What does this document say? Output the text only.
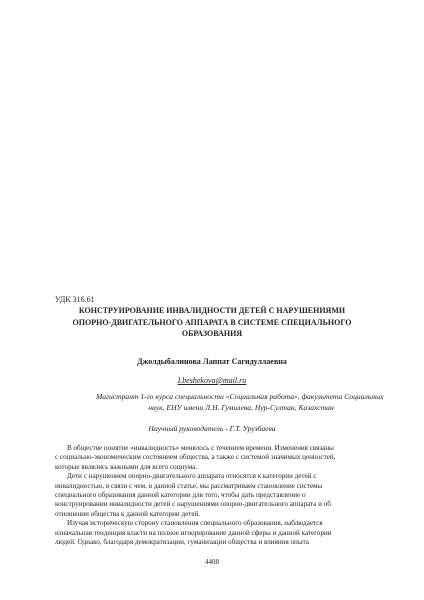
УДК 316.61
КОНСТРУИРОВАНИЕ ИНВАЛИДНОСТИ ДЕТЕЙ С НАРУШЕНИЯМИ
ОПОРНО-ДВИГАТЕЛЬНОГО АППАРАТА В СИСТЕМЕ СПЕЦИАЛЬНОГО
ОБРАЗОВАНИЯ
Джолдыбалинова Лаппат Сагидуллаевна
Lbeshekova@mail.ru
Магистрант 1-го курса специальности «Социальная работа», факультета Социальных
наук, ЕНУ имени Л.Н. Гумилева, Нур-Султан, Казахстан
Научный руководитель - Г.Т. Урузбаева
В обществе понятие «инвалидность» менялось с течением времени. Изменения связаны
с социально-экономическим состоянием общества, а также с системой значимых ценностей,
которые являлись важными для всего социума.
Дети с нарушением опорно-двигательного аппарата относятся к категории детей с
инвалидностью, в связи с чем, в данной статье, мы рассматриваем становление системы
специального образования данной категории для того, чтобы дать представление о
конструировании инвалидности детей с нарушениями опорно-двигательного аппарата и об
отношении общества к данной категории детей.
Изучая историческую сторону становления специального образования, наблюдается
изначальная тенденция власти на полное игнорирование данной сферы и данной категории
людей. Однако, благодаря демократизации, гуманизации общества и влияния опыта
4408
